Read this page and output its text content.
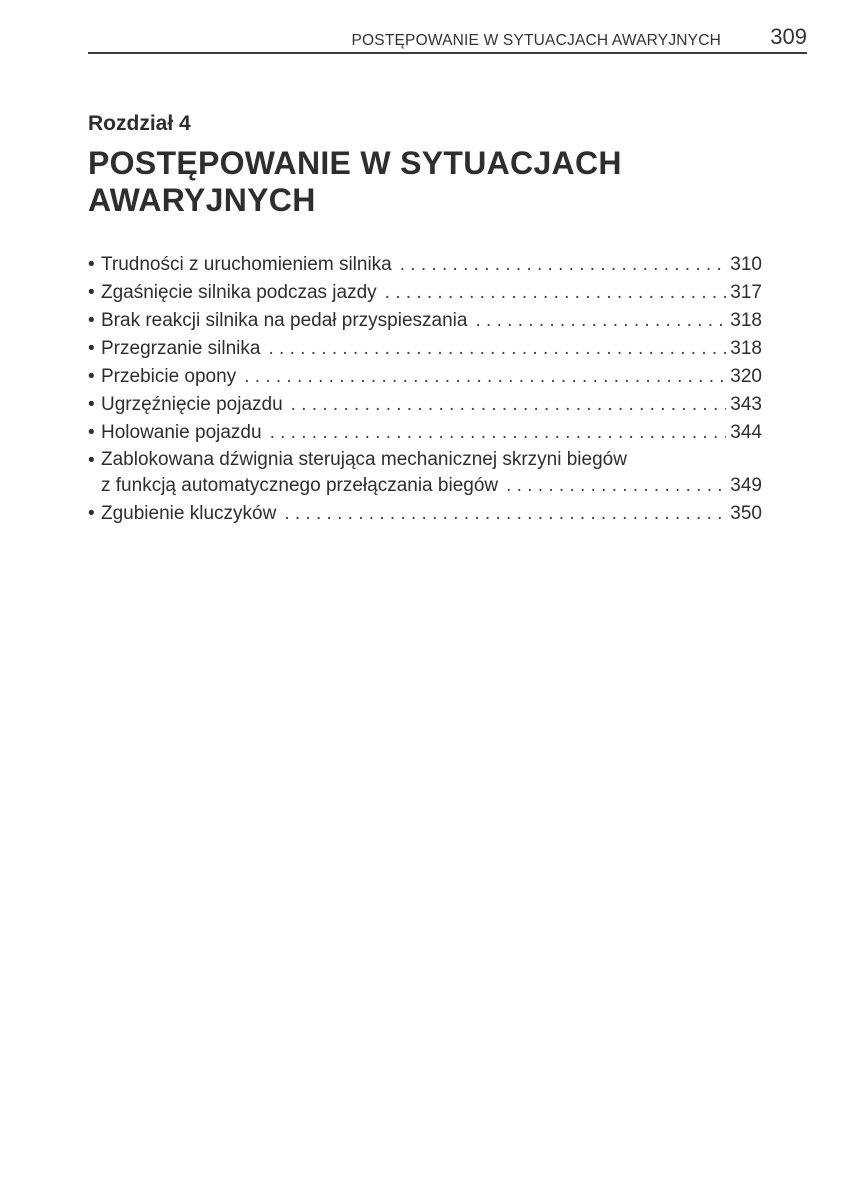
POSTĘPOWANIE W SYTUACJACH AWARYJNYCH 309
Rozdział 4
POSTĘPOWANIE W SYTUACJACH
AWARYJNYCH
• Trudności z uruchomieniem silnika . . .	310
• Zgaśnięcie silnika podczas jazdy . . .	317
• Brak reakcji silnika na pedał przyspieszania . . .	318
• Przegrzanie silnika . . .	318
• Przebicie opony . . .	320
• Ugrzęźnięcie pojazdu . . .	343
• Holowanie pojazdu . . .	344
• Zablokowana dźwignia sterująca mechanicznej skrzyni biegów
z funkcją automatycznego przełączania biegów . . .	349
• Zgubienie kluczyków . . .	350
